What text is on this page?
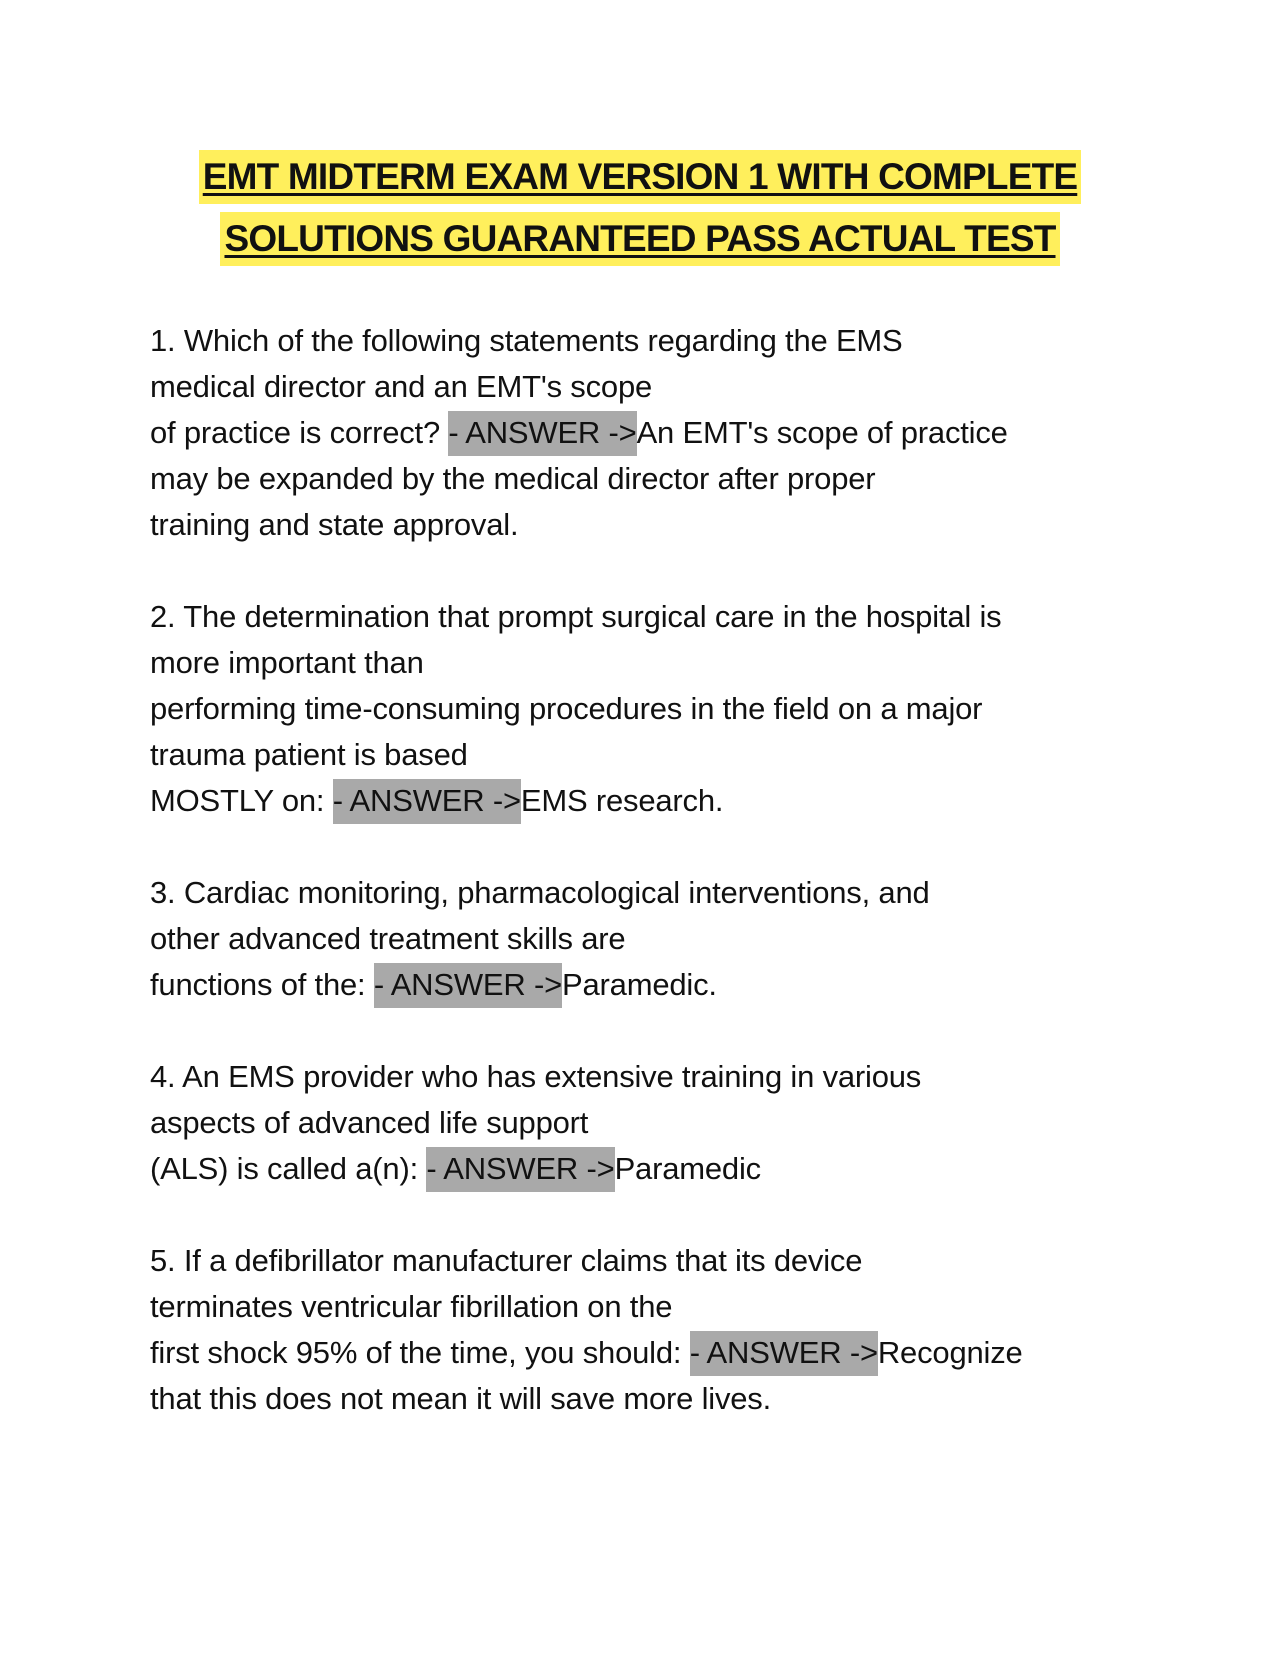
EMT MIDTERM EXAM VERSION 1 WITH COMPLETE
SOLUTIONS GUARANTEED PASS ACTUAL TEST
1. Which of the following statements regarding the EMS
medical director and an EMT's scope
of practice is correct? - ANSWER ->An EMT's scope of practice
may be expanded by the medical director after proper
training and state approval.
2. The determination that prompt surgical care in the hospital is
more important than
performing time-consuming procedures in the field on a major
trauma patient is based
MOSTLY on: - ANSWER ->EMS research.
3. Cardiac monitoring, pharmacological interventions, and
other advanced treatment skills are
functions of the: - ANSWER ->Paramedic.
4. An EMS provider who has extensive training in various
aspects of advanced life support
(ALS) is called a(n): - ANSWER ->Paramedic
5. If a defibrillator manufacturer claims that its device
terminates ventricular fibrillation on the
first shock 95% of the time, you should: - ANSWER ->Recognize
that this does not mean it will save more lives.
